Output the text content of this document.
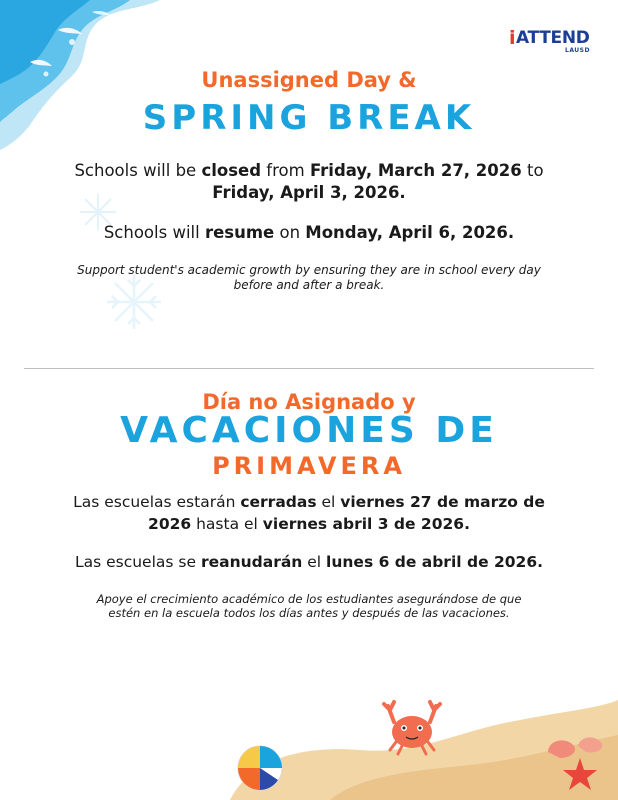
i ATTEND
LAUSD

Unassigned Day &

SPRING BREAK

Schools will be closed from Friday, March 27, 2026 to

Friday, April 3, 2026.

Schools will resume on Monday, April 6, 2026.

Support student's academic growth by ensuring they are in school every day

before and after a break.

Día no Asignado y

VACACIONES DE

PRIMAVERA

Las escuelas estarán cerradas el viernes 27 de marzo de

2026 hasta el viernes abril 3 de 2026.

Las escuelas se reanudarán el lunes 6 de abril de 2026.

Apoye el crecimiento académico de los estudiantes asegurándose de que

estén en la escuela todos los días antes y después de las vacaciones.
